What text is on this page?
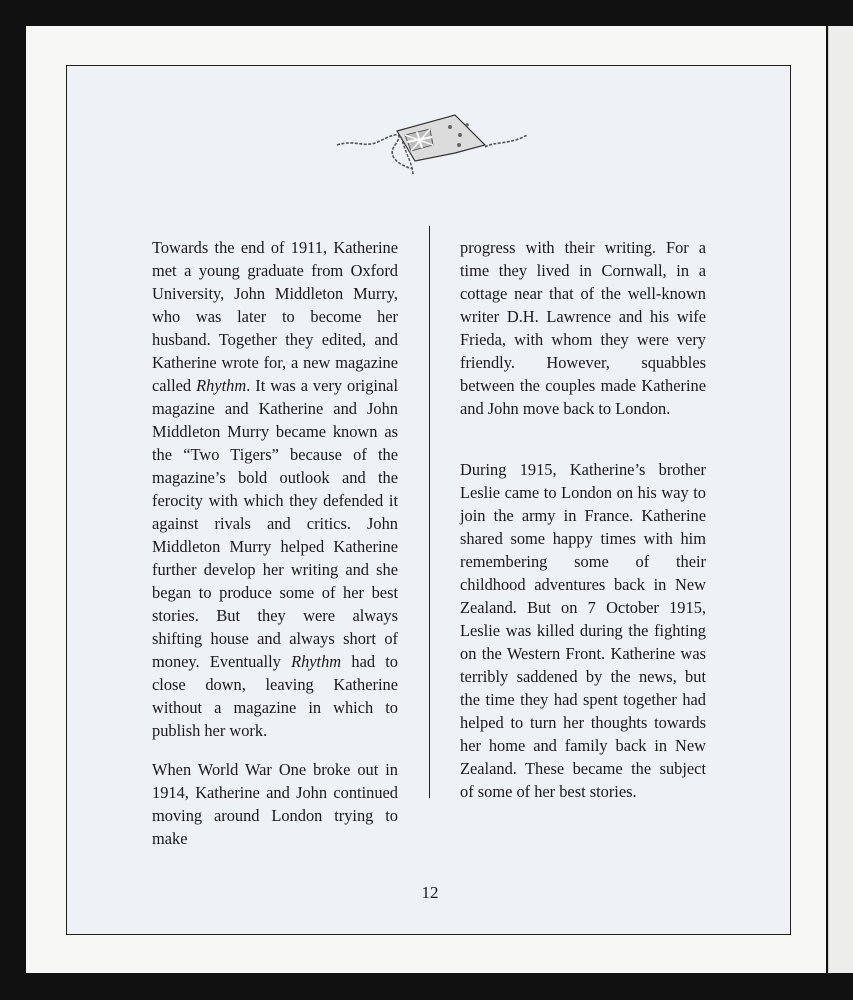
Towards the end of 1911, Katherine met a young graduate from Oxford University, John Middleton Murry, who was later to become her husband. Together they edited, and Katherine wrote for, a new magazine called Rhythm. It was a very original magazine and Katherine and John Middleton Murry became known as the “Two Tigers” because of the magazine’s bold outlook and the ferocity with which they defended it against rivals and critics. John Middleton Murry helped Katherine further develop her writing and she began to produce some of her best stories. But they were always shifting house and always short of money. Eventually Rhythm had to close down, leaving Katherine without a magazine in which to publish her work.

When World War One broke out in 1914, Katherine and John continued moving around London trying to make

progress with their writing. For a time they lived in Cornwall, in a cottage near that of the well-known writer D.H. Lawrence and his wife Frieda, with whom they were very friendly. However, squabbles between the couples made Katherine and John move back to London.

During 1915, Katherine’s brother Leslie came to London on his way to join the army in France. Katherine shared some happy times with him remembering some of their childhood adventures back in New Zealand. But on 7 October 1915, Leslie was killed during the fighting on the Western Front. Katherine was terribly saddened by the news, but the time they had spent together had helped to turn her thoughts towards her home and family back in New Zealand. These became the subject of some of her best stories.

12
